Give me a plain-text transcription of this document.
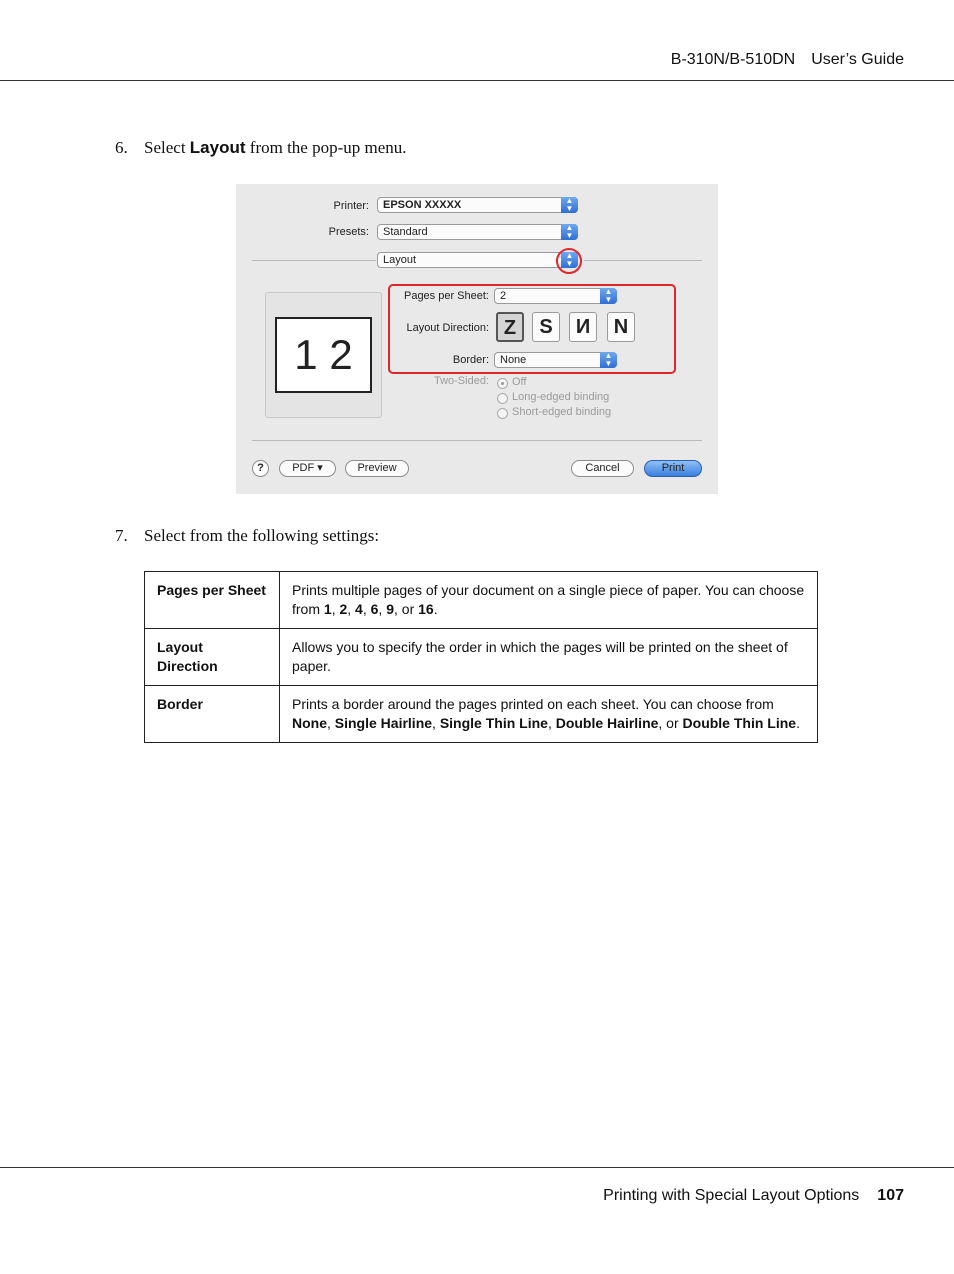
B-310N/B-510DN User’s Guide
6. Select Layout from the pop-up menu.
Printer:	EPSON XXXXX	▲
▼
Presets:	Standard	▲
▼
Layout	▲
▼
1 2
Pages per Sheet:	2	▲
▼
Layout Direction: Z	S	И	N
Border:	None	▲
▼
Two-Sided: Off
Long-edged binding
Short-edged binding
?	PDF ▾	Preview	Cancel	Print
7. Select from the following settings:
Pages per Sheet	Prints multiple pages of your document on a single piece of paper. You can choose from 1, 2, 4, 6, 9, or 16.
Layout Direction	Allows you to specify the order in which the pages will be printed on the sheet of paper.
Border	Prints a border around the pages printed on each sheet. You can choose from None, Single Hairline, Single Thin Line, Double Hairline, or Double Thin Line.
Printing with Special Layout Options 107
